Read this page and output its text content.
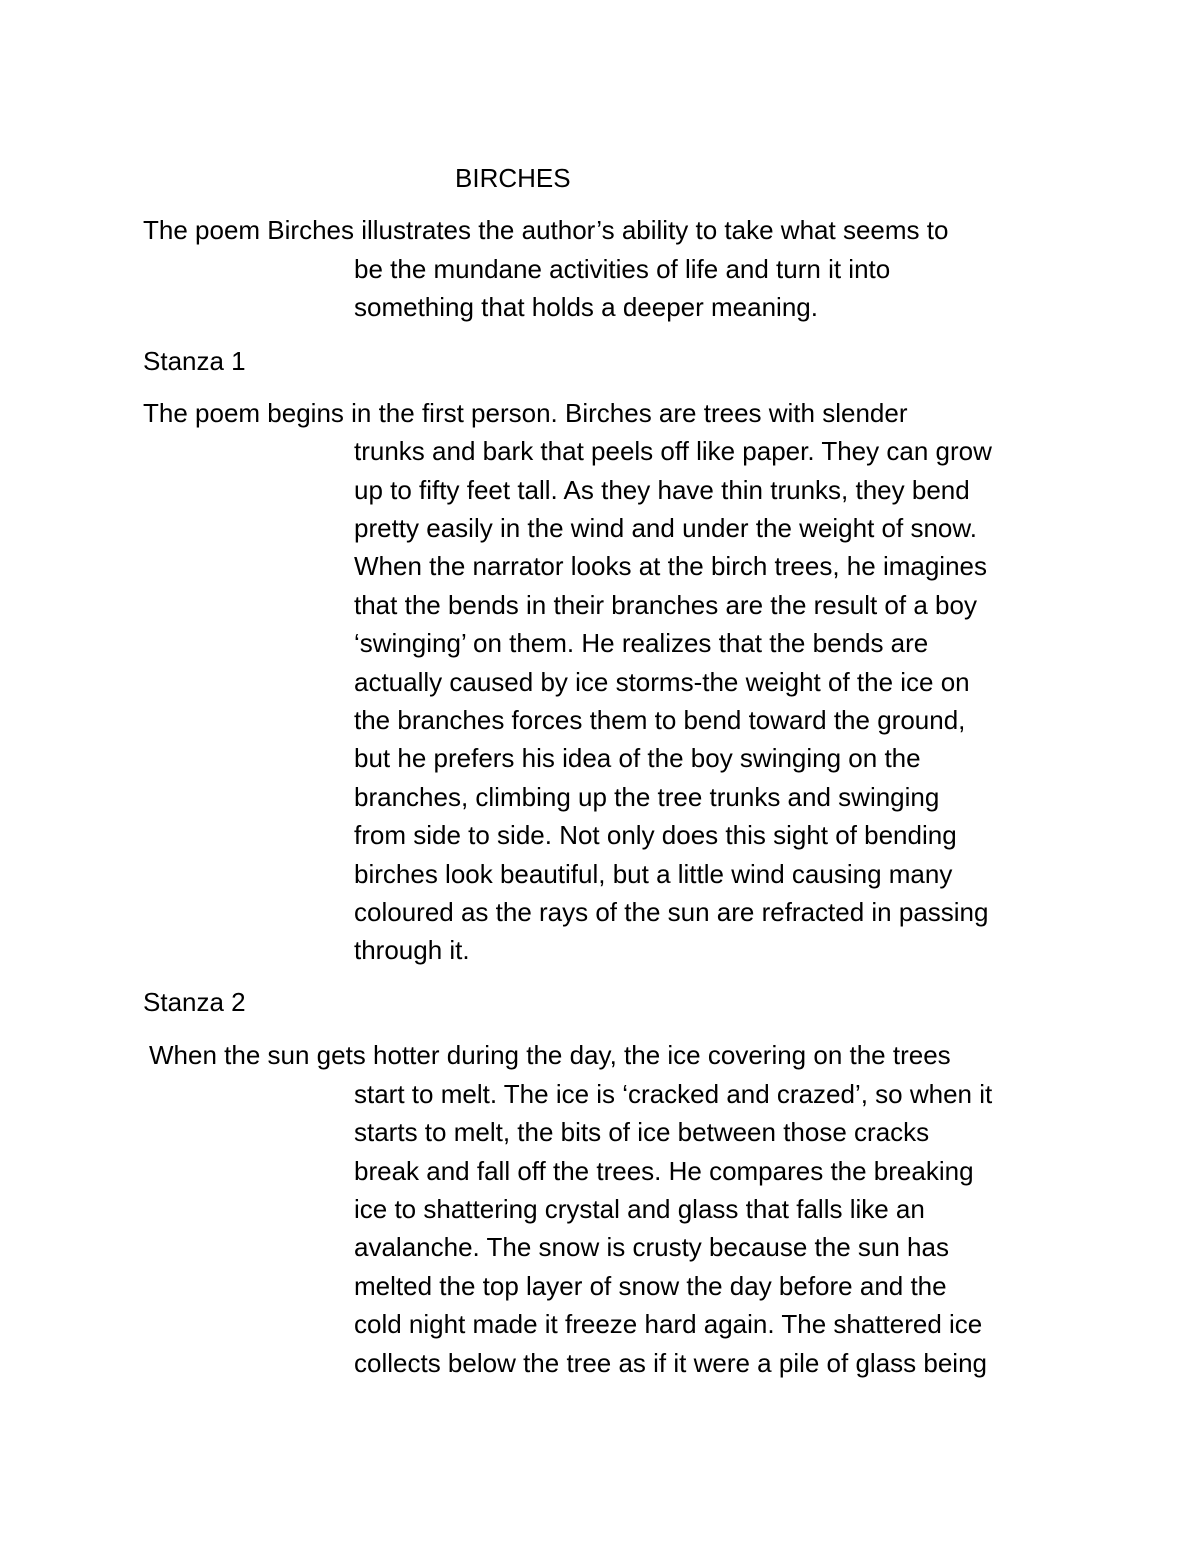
BIRCHES
The poem Birches illustrates the author’s ability to take what seems to
be the mundane activities of life and turn it into
something that holds a deeper meaning.
Stanza 1
The poem begins in the first person. Birches are trees with slender
trunks and bark that peels off like paper. They can grow
up to fifty feet tall. As they have thin trunks, they bend
pretty easily in the wind and under the weight of snow.
When the narrator looks at the birch trees, he imagines
that the bends in their branches are the result of a boy
‘swinging’ on them. He realizes that the bends are
actually caused by ice storms-the weight of the ice on
the branches forces them to bend toward the ground,
but he prefers his idea of the boy swinging on the
branches, climbing up the tree trunks and swinging
from side to side. Not only does this sight of bending
birches look beautiful, but a little wind causing many
coloured as the rays of the sun are refracted in passing
through it.
Stanza 2
When the sun gets hotter during the day, the ice covering on the trees
start to melt. The ice is ‘cracked and crazed’, so when it
starts to melt, the bits of ice between those cracks
break and fall off the trees. He compares the breaking
ice to shattering crystal and glass that falls like an
avalanche. The snow is crusty because the sun has
melted the top layer of snow the day before and the
cold night made it freeze hard again. The shattered ice
collects below the tree as if it were a pile of glass being
